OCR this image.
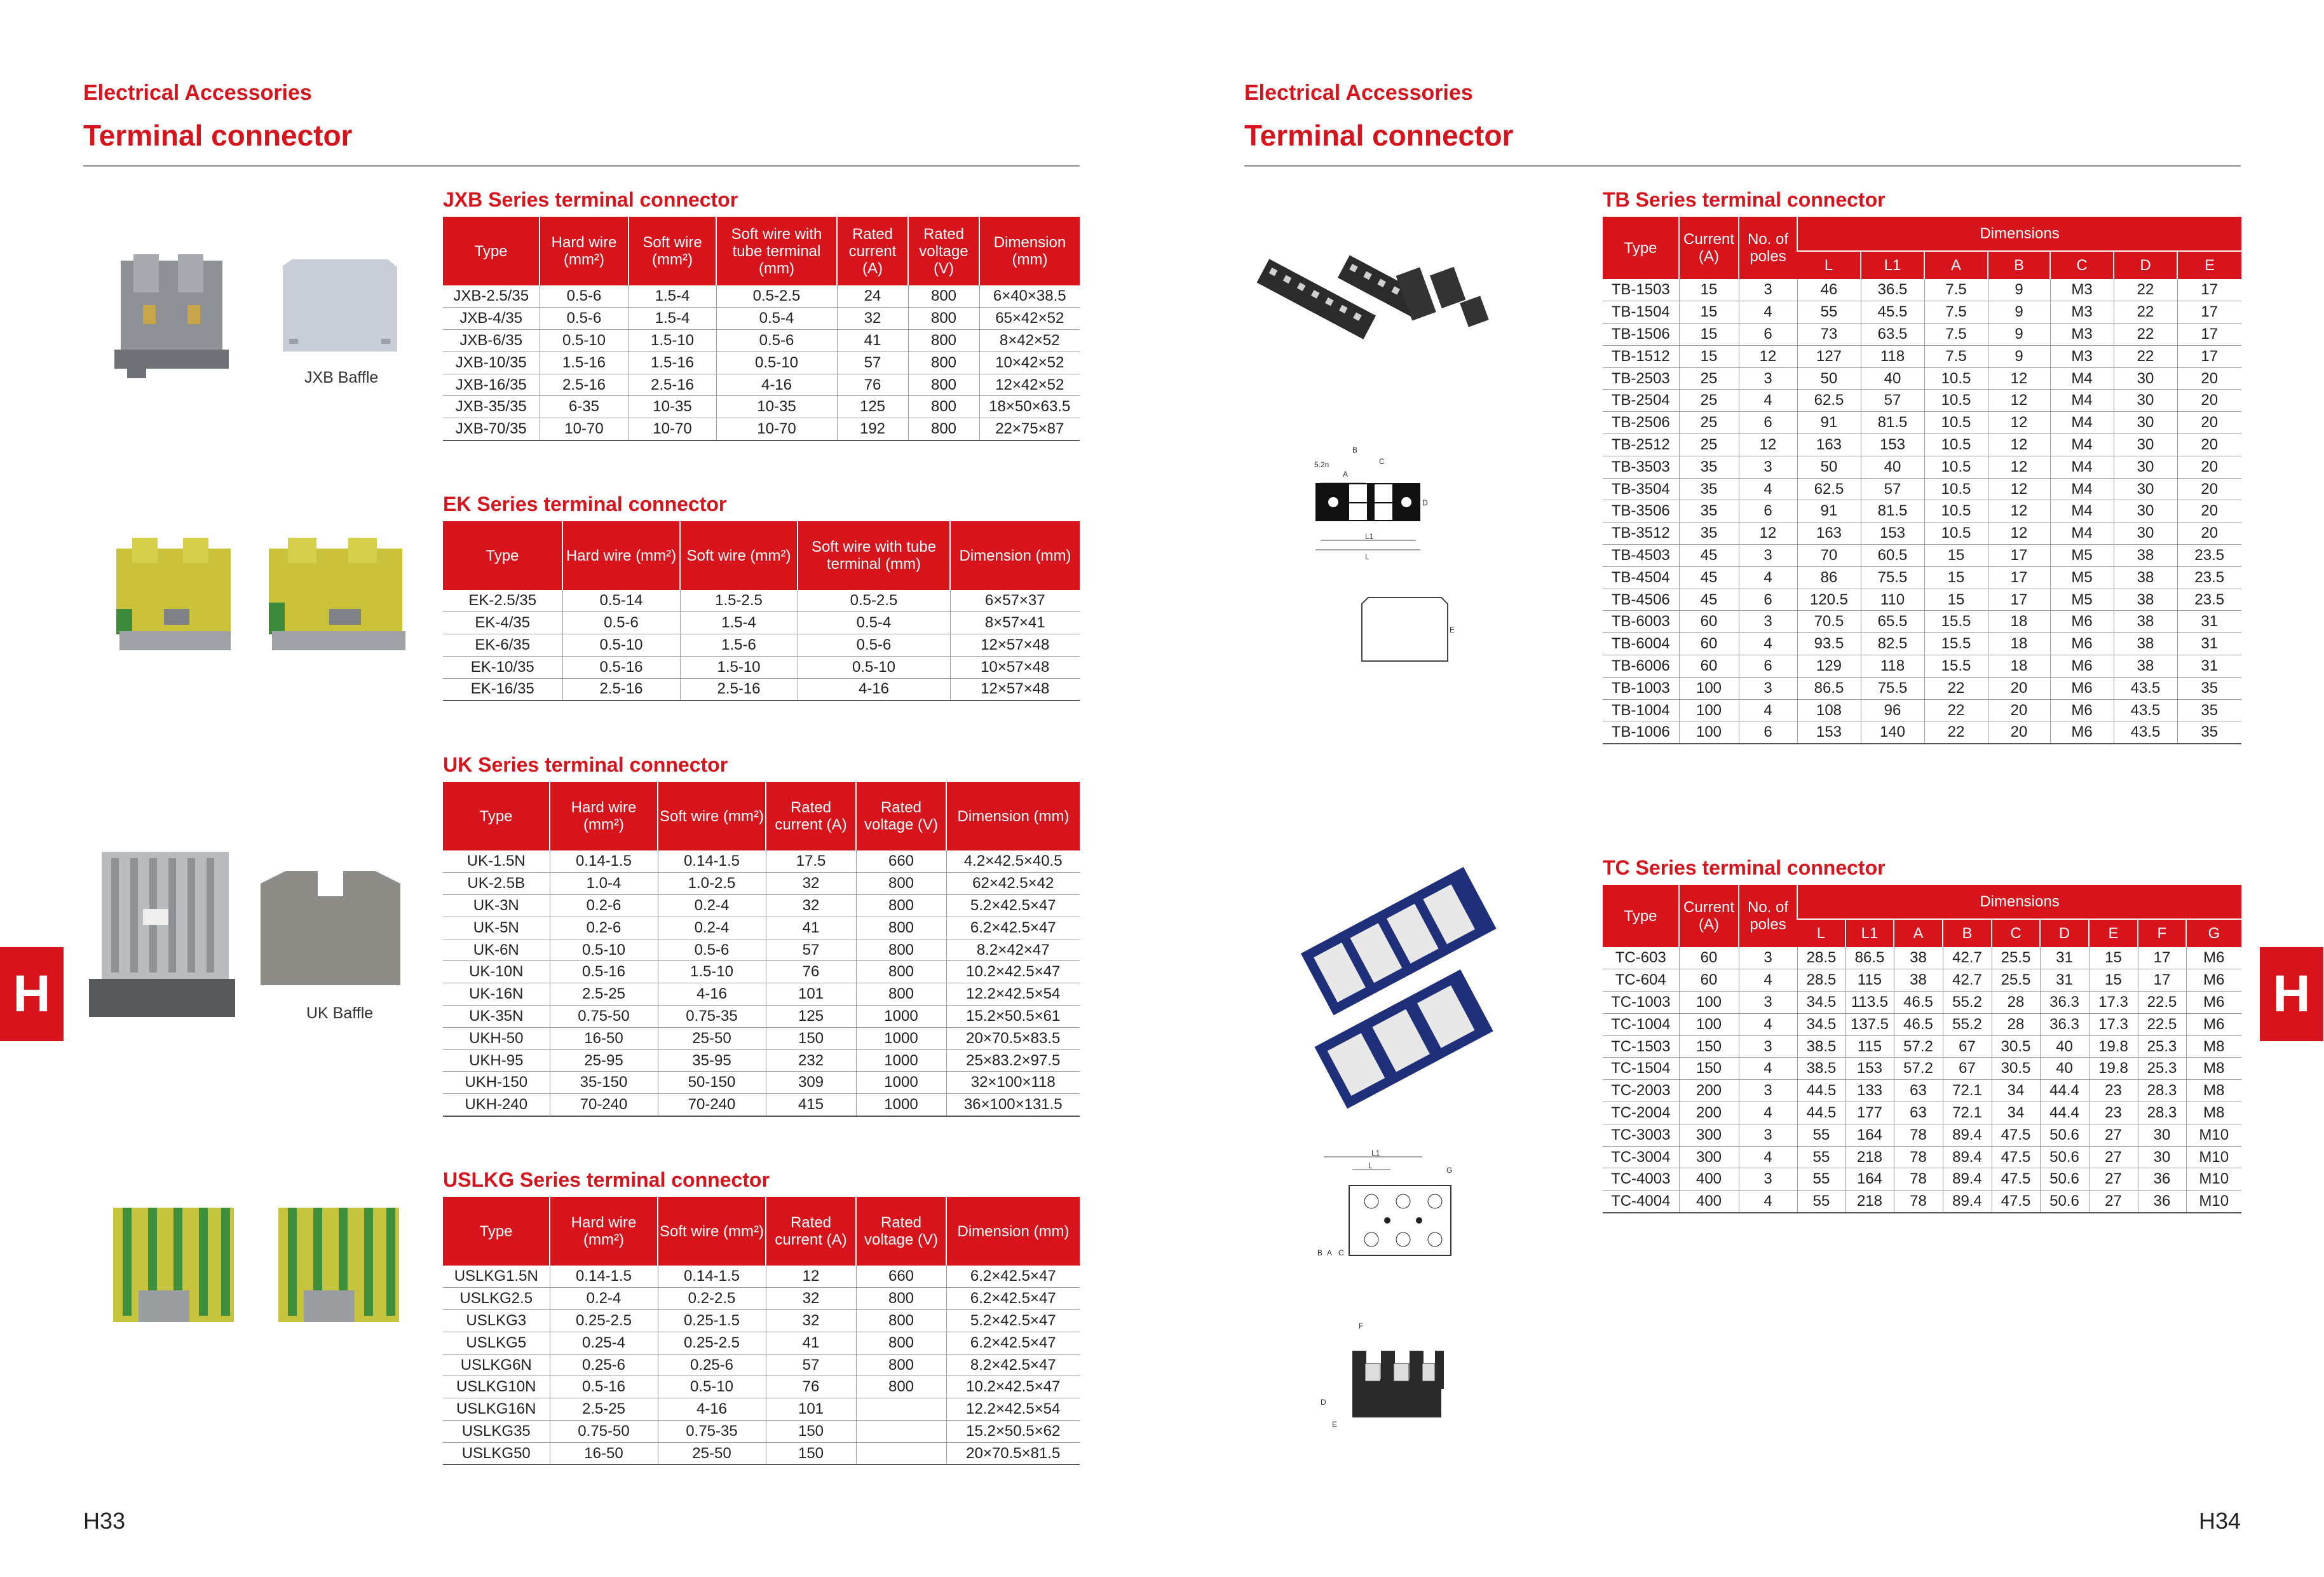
Electrical Accessories
Terminal connector
H
H33
JXB Baffle
UK Baffle
JXB Series terminal connector
Type	Hard wire (mm²)	Soft wire (mm²)	Soft wire with tube terminal (mm)	Rated current (A)	Rated voltage (V)	Dimension (mm)
JXB-2.5/35	0.5-6	1.5-4	0.5-2.5	24	800	6×40×38.5
JXB-4/35	0.5-6	1.5-4	0.5-4	32	800	65×42×52
JXB-6/35	0.5-10	1.5-10	0.5-6	41	800	8×42×52
JXB-10/35	1.5-16	1.5-16	0.5-10	57	800	10×42×52
JXB-16/35	2.5-16	2.5-16	4-16	76	800	12×42×52
JXB-35/35	6-35	10-35	10-35	125	800	18×50×63.5
JXB-70/35	10-70	10-70	10-70	192	800	22×75×87
EK Series terminal connector
Type	Hard wire (mm²)	Soft wire (mm²)	Soft wire with tube terminal (mm)	Dimension (mm)
EK-2.5/35	0.5-14	1.5-2.5	0.5-2.5	6×57×37
EK-4/35	0.5-6	1.5-4	0.5-4	8×57×41
EK-6/35	0.5-10	1.5-6	0.5-6	12×57×48
EK-10/35	0.5-16	1.5-10	0.5-10	10×57×48
EK-16/35	2.5-16	2.5-16	4-16	12×57×48
UK Series terminal connector
Type	Hard wire (mm²)	Soft wire (mm²)	Rated current (A)	Rated voltage (V)	Dimension (mm)
UK-1.5N	0.14-1.5	0.14-1.5	17.5	660	4.2×42.5×40.5
UK-2.5B	1.0-4	1.0-2.5	32	800	62×42.5×42
UK-3N	0.2-6	0.2-4	32	800	5.2×42.5×47
UK-5N	0.2-6	0.2-4	41	800	6.2×42.5×47
UK-6N	0.5-10	0.5-6	57	800	8.2×42×47
UK-10N	0.5-16	1.5-10	76	800	10.2×42.5×47
UK-16N	2.5-25	4-16	101	800	12.2×42.5×54
UK-35N	0.75-50	0.75-35	125	1000	15.2×50.5×61
UKH-50	16-50	25-50	150	1000	20×70.5×83.5
UKH-95	25-95	35-95	232	1000	25×83.2×97.5
UKH-150	35-150	50-150	309	1000	32×100×118
UKH-240	70-240	70-240	415	1000	36×100×131.5
USLKG Series terminal connector
Type	Hard wire (mm²)	Soft wire (mm²)	Rated current (A)	Rated voltage (V)	Dimension (mm)
USLKG1.5N	0.14-1.5	0.14-1.5	12	660	6.2×42.5×47
USLKG2.5	0.2-4	0.2-2.5	32	800	6.2×42.5×47
USLKG3	0.25-2.5	0.25-1.5	32	800	5.2×42.5×47
USLKG5	0.25-4	0.25-2.5	41	800	6.2×42.5×47
USLKG6N	0.25-6	0.25-6	57	800	8.2×42.5×47
USLKG10N	0.5-16	0.5-10	76	800	10.2×42.5×47
USLKG16N	2.5-25	4-16	101		12.2×42.5×54
USLKG35	0.75-50	0.75-35	150		15.2×50.5×62
USLKG50	16-50	25-50	150		20×70.5×81.5
Electrical Accessories
Terminal connector
H
H34
A
B
C
5.2n
D
L1
L
E
L1
L	G
B A C
F
D
E
TB Series terminal connector
Type	Current (A)	No. of poles	Dimensions						
			L	L1	A	B	C	D	E
TB-1503	15	3	46	36.5	7.5	9	M3	22	17
TB-1504	15	4	55	45.5	7.5	9	M3	22	17
TB-1506	15	6	73	63.5	7.5	9	M3	22	17
TB-1512	15	12	127	118	7.5	9	M3	22	17
TB-2503	25	3	50	40	10.5	12	M4	30	20
TB-2504	25	4	62.5	57	10.5	12	M4	30	20
TB-2506	25	6	91	81.5	10.5	12	M4	30	20
TB-2512	25	12	163	153	10.5	12	M4	30	20
TB-3503	35	3	50	40	10.5	12	M4	30	20
TB-3504	35	4	62.5	57	10.5	12	M4	30	20
TB-3506	35	6	91	81.5	10.5	12	M4	30	20
TB-3512	35	12	163	153	10.5	12	M4	30	20
TB-4503	45	3	70	60.5	15	17	M5	38	23.5
TB-4504	45	4	86	75.5	15	17	M5	38	23.5
TB-4506	45	6	120.5	110	15	17	M5	38	23.5
TB-6003	60	3	70.5	65.5	15.5	18	M6	38	31
TB-6004	60	4	93.5	82.5	15.5	18	M6	38	31
TB-6006	60	6	129	118	15.5	18	M6	38	31
TB-1003	100	3	86.5	75.5	22	20	M6	43.5	35
TB-1004	100	4	108	96	22	20	M6	43.5	35
TB-1006	100	6	153	140	22	20	M6	43.5	35
TC Series terminal connector
Type	Current (A)	No. of poles	Dimensions								
			L	L1	A	B	C	D	E	F	G
TC-603	60	3	28.5	86.5	38	42.7	25.5	31	15	17	M6
TC-604	60	4	28.5	115	38	42.7	25.5	31	15	17	M6
TC-1003	100	3	34.5	113.5	46.5	55.2	28	36.3	17.3	22.5	M6
TC-1004	100	4	34.5	137.5	46.5	55.2	28	36.3	17.3	22.5	M6
TC-1503	150	3	38.5	115	57.2	67	30.5	40	19.8	25.3	M8
TC-1504	150	4	38.5	153	57.2	67	30.5	40	19.8	25.3	M8
TC-2003	200	3	44.5	133	63	72.1	34	44.4	23	28.3	M8
TC-2004	200	4	44.5	177	63	72.1	34	44.4	23	28.3	M8
TC-3003	300	3	55	164	78	89.4	47.5	50.6	27	30	M10
TC-3004	300	4	55	218	78	89.4	47.5	50.6	27	30	M10
TC-4003	400	3	55	164	78	89.4	47.5	50.6	27	36	M10
TC-4004	400	4	55	218	78	89.4	47.5	50.6	27	36	M10
